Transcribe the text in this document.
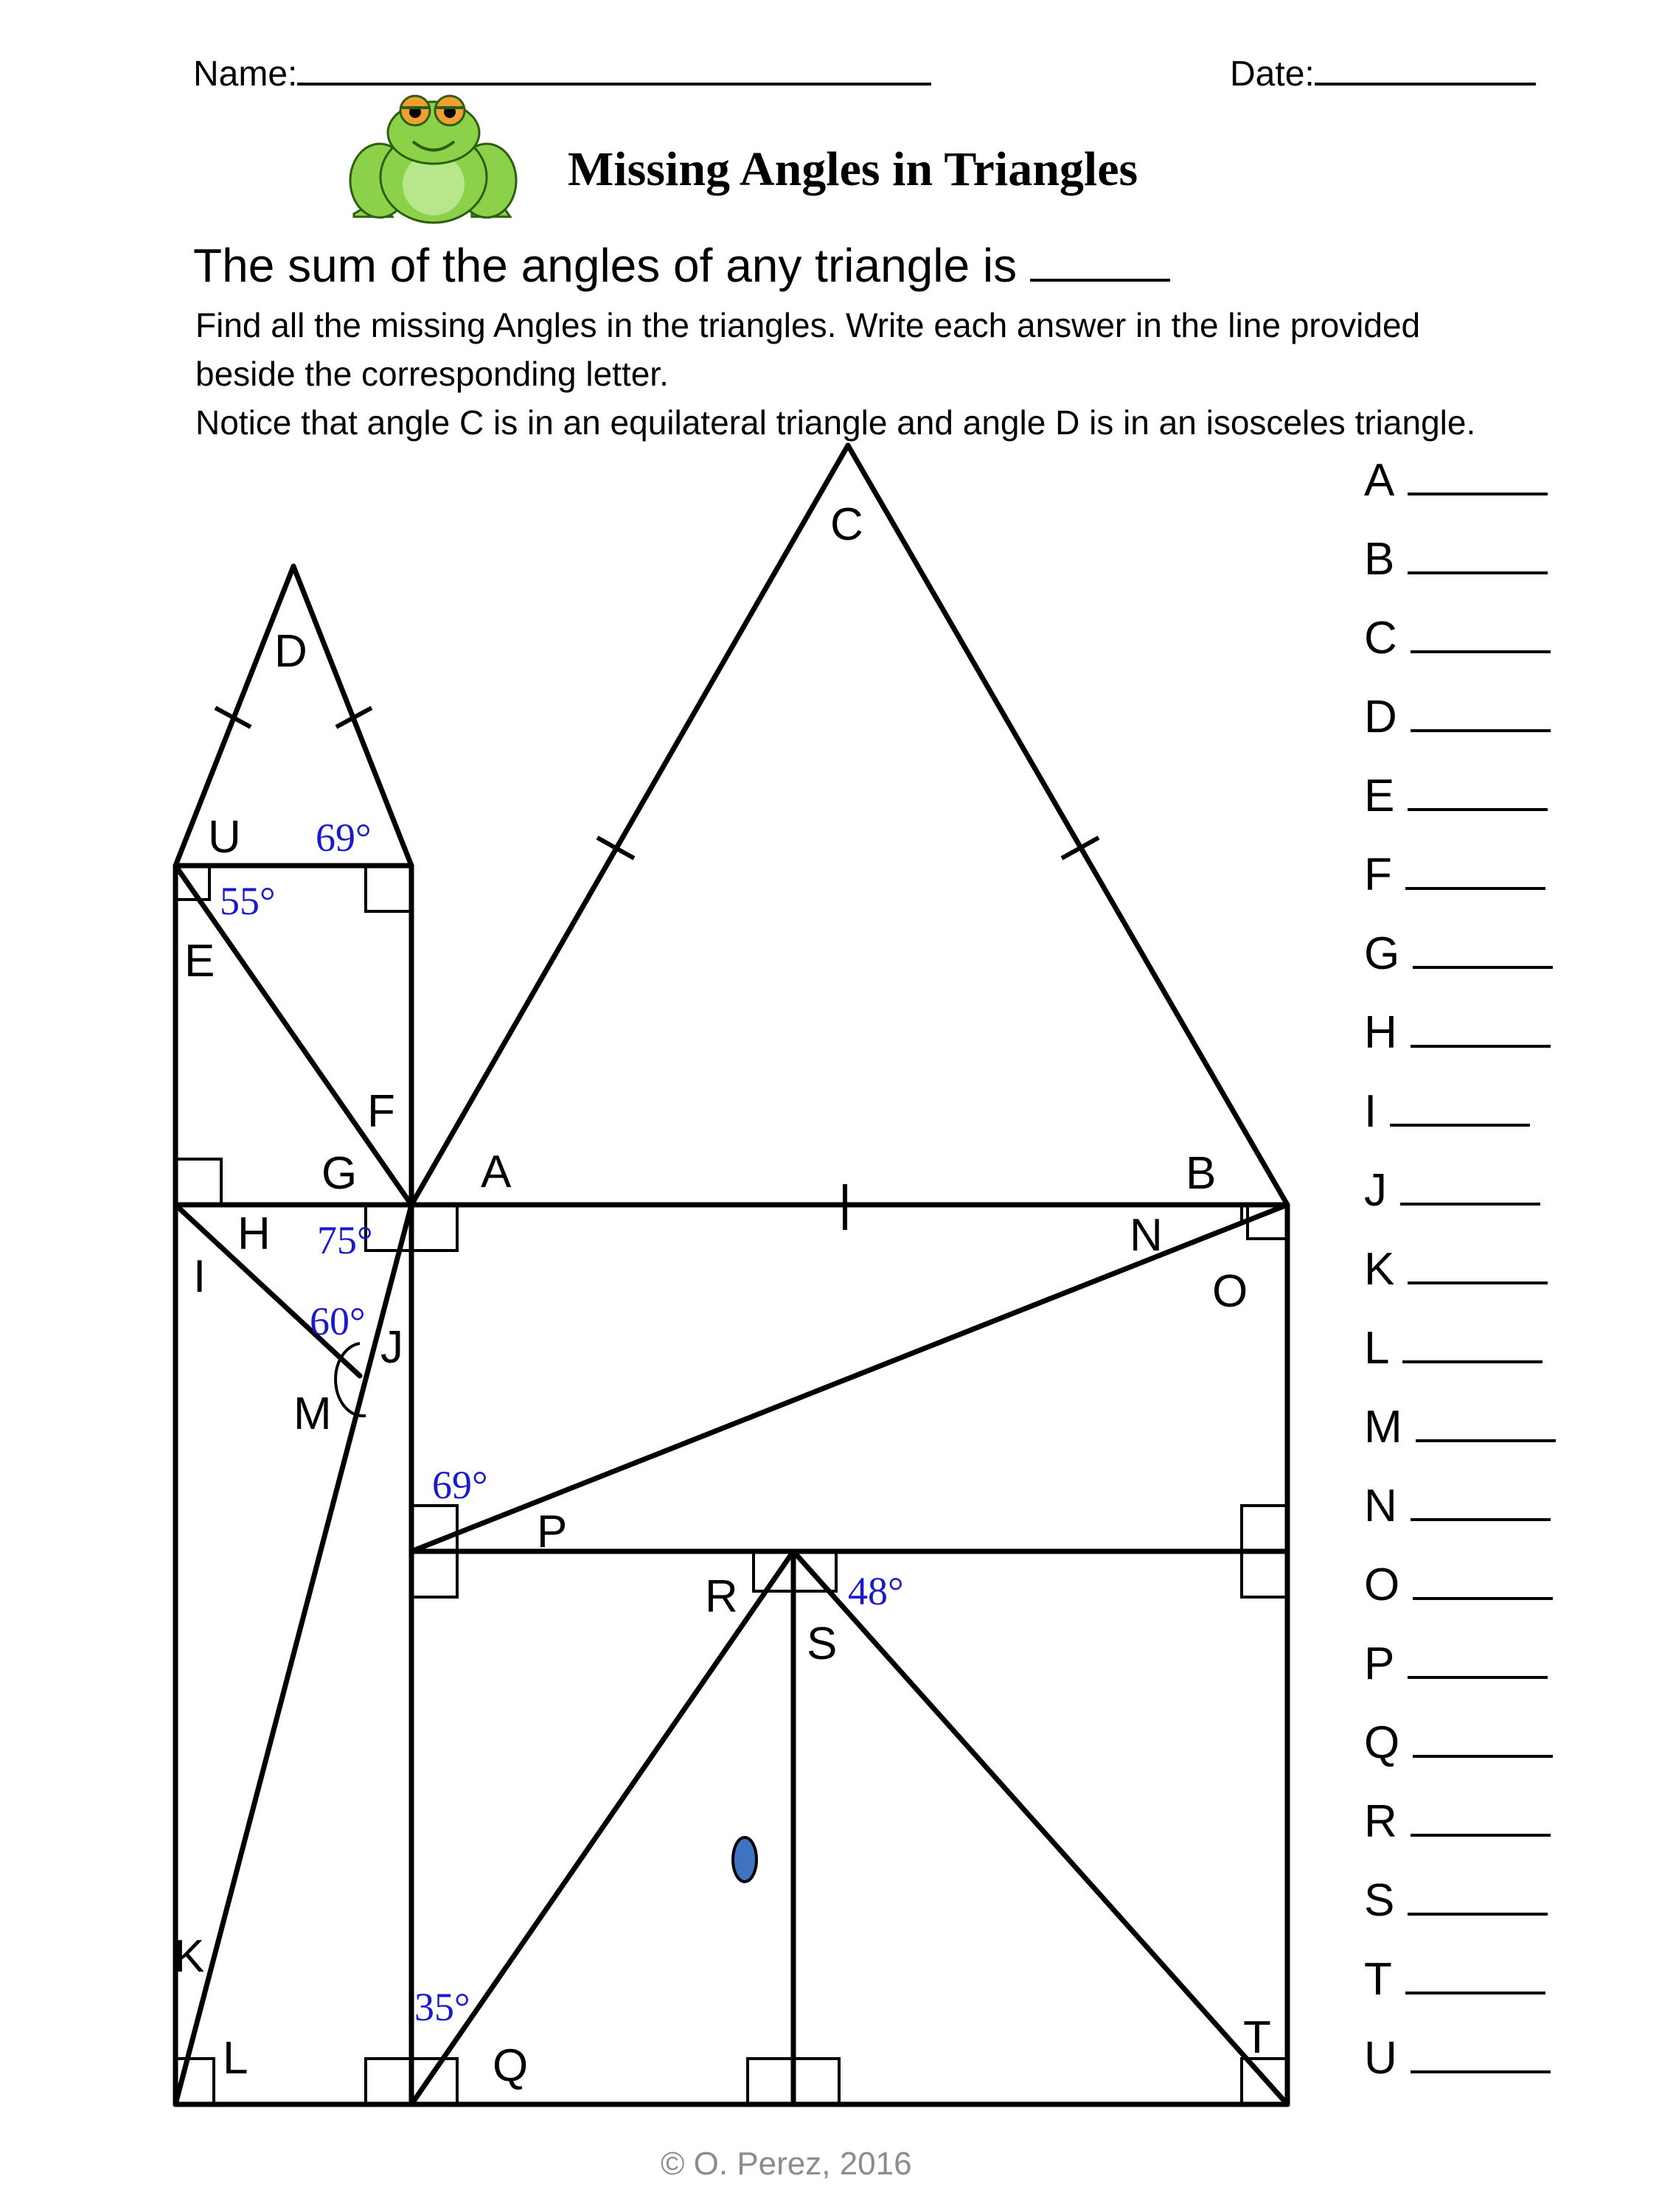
Name:	Date:
Missing Angles in Triangles
The sum of the angles of any triangle is
Find all the missing Angles in the triangles. Write each answer in the line provided beside the corresponding letter.
Notice that angle C is in an equilateral triangle and angle D is in an isosceles triangle.
C
D
U
E
F
G	A	B
H
I
N
O
J
M
P
R
S
K
L	Q
T
69°
55°
75°
60°
69°
48°
35°
A
B
C
D
E
F
G
H
I
J
K
L
M
N
O
P
Q
R
S
T
U
© O. Perez, 2016
